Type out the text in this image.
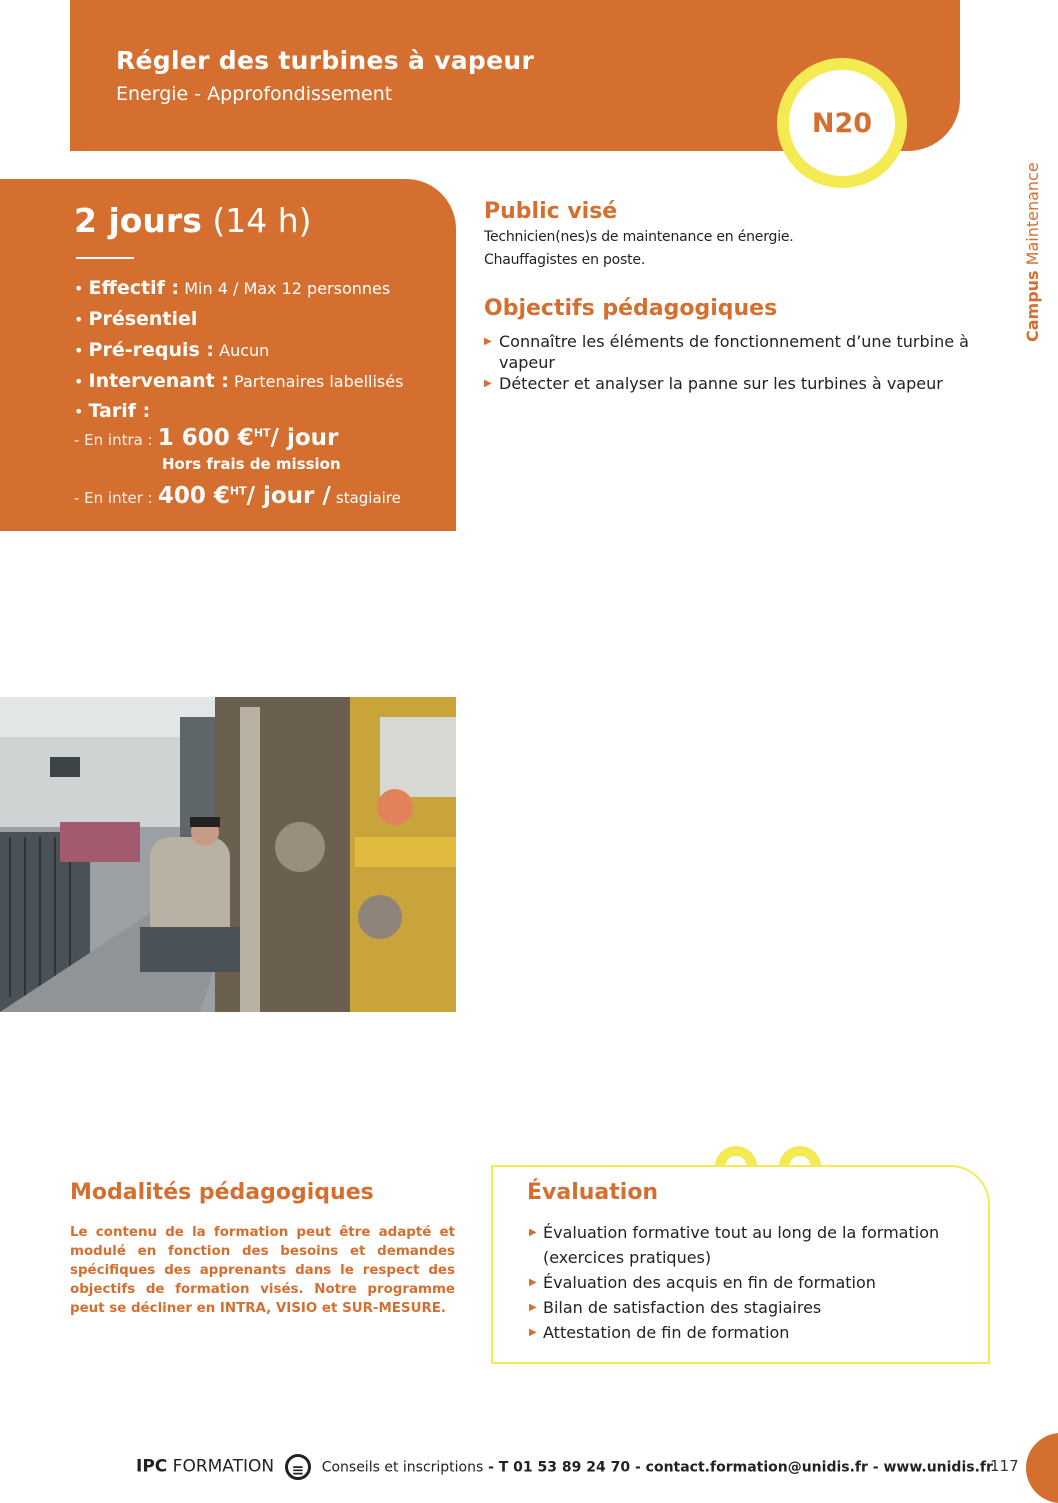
Régler des turbines à vapeur
Energie - Approfondissement
N20
Campus Maintenance
2 jours (14 h)
• Effectif : Min 4 / Max 12 personnes
• Présentiel
• Pré-requis : Aucun
• Intervenant : Partenaires labellisés
• Tarif :
- En intra : 1 600 €$^{HT}$/ jour
Hors frais de mission
- En inter : 400 €$^{HT}$/ jour / stagiaire
Public visé
Technicien(nes)s de maintenance en énergie.
Chauffagistes en poste.
Objectifs pédagogiques
▶ Connaître les éléments de fonctionnement d’une turbine à vapeur
▶ Détecter et analyser la panne sur les turbines à vapeur
Modalités pédagogiques
Le contenu de la formation peut être adapté et modulé en fonction des besoins et demandes spécifiques des apprenants dans le respect des objectifs de formation visés. Notre programme peut se décliner en INTRA, VISIO et SUR-MESURE.
Évaluation
▶ Évaluation formative tout au long de la formation (exercices pratiques)
▶ Évaluation des acquis en fin de formation
▶ Bilan de satisfaction des stagiaires
▶ Attestation de fin de formation
IPC FORMATION ≡ Conseils et inscriptions - T 01 53 89 24 70 - contact.formation@unidis.fr - www.unidis.fr
117
